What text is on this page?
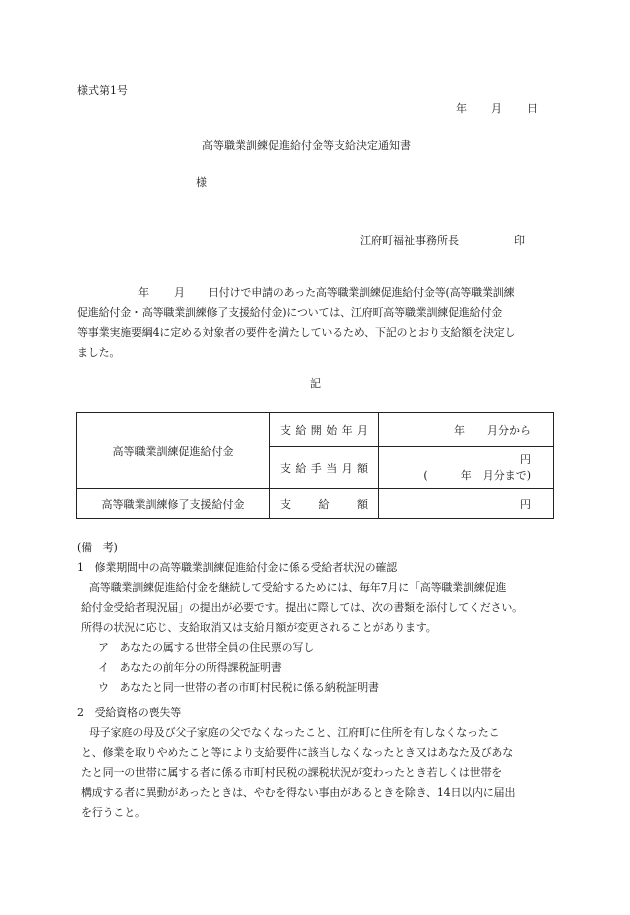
様式第1号
年 月 日
高等職業訓練促進給付金等支給決定通知書
様
江府町福祉事務所長	印
年 月 日付けで申請のあった高等職業訓練促進給付金等(高等職業訓練
促進給付金・高等職業訓練修了支援給付金)については、江府町高等職業訓練促進給付金
等事業実施要綱4に定める対象者の要件を満たしているため、下記のとおり支給額を決定し
ました。
記
高等職業訓練促進給付金	支給開始年月	年　　月分から
	支給手当月額	円
(　　　年　月分まで)

高等職業訓練修了支援給付金	支　給　額	円
(備　考)
1　修業期間中の高等職業訓練促進給付金に係る受給者状況の確認
高等職業訓練促進給付金を継続して受給するためには、毎年7月に「高等職業訓練促進
給付金受給者現況届」の提出が必要です。提出に際しては、次の書類を添付してください。
所得の状況に応じ、支給取消又は支給月額が変更されることがあります。
ア　あなたの属する世帯全員の住民票の写し
イ　あなたの前年分の所得課税証明書
ウ　あなたと同一世帯の者の市町村民税に係る納税証明書
2　受給資格の喪失等
母子家庭の母及び父子家庭の父でなくなったこと、江府町に住所を有しなくなったこ
と、修業を取りやめたこと等により支給要件に該当しなくなったとき又はあなた及びあな
たと同一の世帯に属する者に係る市町村民税の課税状況が変わったとき若しくは世帯を
構成する者に異動があったときは、やむを得ない事由があるときを除き、14日以内に届出
を行うこと。
